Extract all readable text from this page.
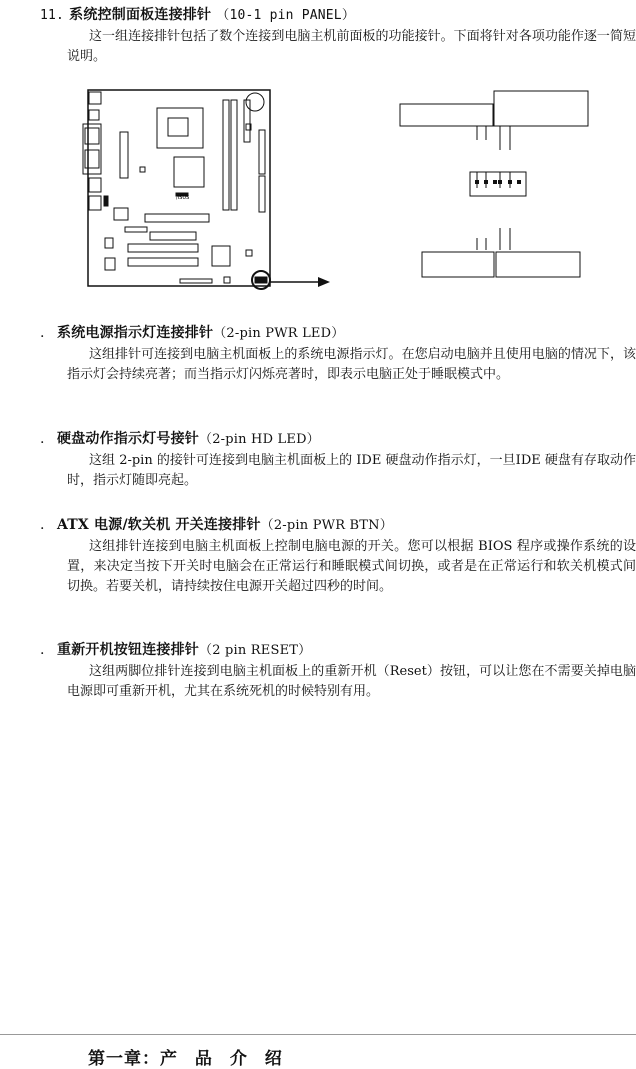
11. 系统控制面板连接排针 （10-1 pin PANEL）
这一组连接排针包括了数个连接到电脑主机前面板的功能接针。下面将针对各项功能作逐一简短说明。
/ISUS
. 系统电源指示灯连接排针（2-pin PWR LED）
这组排针可连接到电脑主机面板上的系统电源指示灯。在您启动电脑并且使用电脑的情况下，该指示灯会持续亮著；而当指示灯闪烁亮著时，即表示电脑正处于睡眠模式中。
. 硬盘动作指示灯号接针（2-pin HD LED）
这组 2-pin 的接针可连接到电脑主机面板上的 IDE 硬盘动作指示灯，一旦IDE 硬盘有存取动作时，指示灯随即亮起。
. ATX 电源/软关机 开关连接排针（2-pin PWR BTN）
这组排针连接到电脑主机面板上控制电脑电源的开关。您可以根据 BIOS 程序或操作系统的设置，来决定当按下开关时电脑会在正常运行和睡眠模式间切换，或者是在正常运行和软关机模式间切换。若要关机，请持续按住电源开关超过四秒的时间。
. 重新开机按钮连接排针（2 pin RESET）
这组两脚位排针连接到电脑主机面板上的重新开机（Reset）按钮，可以让您在不需要关掉电脑电源即可重新开机，尤其在系统死机的时候特别有用。
第一章：产 品 介 绍
